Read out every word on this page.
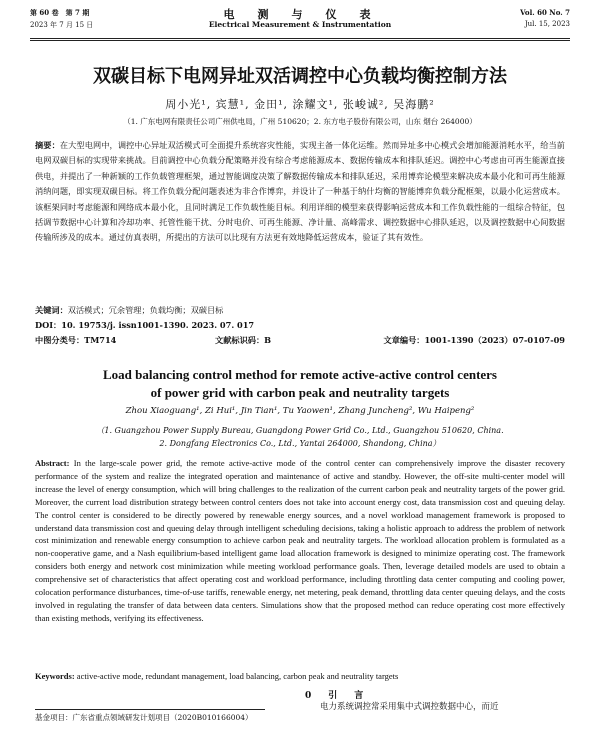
第 60 卷　第 7 期
2023 年 7 月 15 日
电　测　与　仪　表
Electrical Measurement & Instrumentation
Vol. 60 No. 7
Jul. 15, 2023
双碳目标下电网异址双活调控中心负载均衡控制方法
周小光¹, 宾慧¹, 金田¹, 涂耀文¹, 张峻诚², 吴海鹏²
（1. 广东电网有限责任公司广州供电局，广州 510620；2. 东方电子股份有限公司，山东 烟台 264000）
摘要：在大型电网中，调控中心异址双活模式可全面提升系统容灾性能，实现主备一体化运维。然而异址多中心模式会增加能源消耗水平，给当前电网双碳目标的实现带来挑战。目前调控中心负载分配策略并没有综合考虑能源成本、数据传输成本和排队延迟。调控中心考虑由可再生能源直接供电，并提出了一种新颖的工作负载管理框架，通过智能调度决策了解数据传输成本和排队延迟，采用博弈论模型来解决成本最小化和可再生能源消纳问题，即实现双碳目标。将工作负载分配问题表述为非合作博弈，并设计了一种基于纳什均衡的智能博弈负载分配框架，以最小化运营成本。该框架同时考虑能源和网络成本最小化，且同时满足工作负载性能目标。利用详细的模型来获得影响运营成本和工作负载性能的一组综合特征，包括调节数据中心计算和冷却功率、托管性能干扰、分时电价、可再生能源、净计量、高峰需求、调控数据中心排队延迟，以及调控数据中心间数据传输所涉及的成本。通过仿真表明，所提出的方法可以比现有方法更有效地降低运营成本，验证了其有效性。
关键词：双活模式；冗余管理；负载均衡；双碳目标
DOI：10. 19753/j. issn1001-1390. 2023. 07. 017
中图分类号：TM714	文献标识码：B	文章编号：1001-1390（2023）07-0107-09
Load balancing control method for remote active-active control centers
of power grid with carbon peak and neutrality targets
Zhou Xiaoguang¹, Zi Hui¹, Jin Tian¹, Tu Yaowen¹, Zhang Juncheng², Wu Haipeng²
（1. Guangzhou Power Supply Bureau, Guangdong Power Grid Co., Ltd., Guangzhou 510620, China.
2. Dongfang Electronics Co., Ltd., Yantai 264000, Shandong, China）
Abstract: In the large-scale power grid, the remote active-active mode of the control center can comprehensively improve the disaster recovery performance of the system and realize the integrated operation and maintenance of active and standby. However, the off-site multi-center model will increase the level of energy consumption, which will bring challenges to the realization of the current carbon peak and neutrality targets of the power grid. Moreover, the current load distribution strategy between control centers does not take into account energy cost, data transmission cost and queuing delay. The control center is considered to be directly powered by renewable energy sources, and a novel workload management framework is proposed to understand data transmission cost and queuing delay through intelligent scheduling decisions, taking a holistic approach to address the problem of network cost minimization and renewable energy consumption to achieve carbon peak and neutrality targets. The workload allocation problem is formulated as a non-cooperative game, and a Nash equilibrium-based intelligent game load allocation framework is designed to minimize operating cost. The framework considers both energy and network cost minimization while meeting workload performance goals. Then, leverage detailed models are used to obtain a comprehensive set of characteristics that affect operating cost and workload performance, including throttling data center computing and cooling power, colocation performance disturbances, time-of-use tariffs, renewable energy, net metering, peak demand, throttling data center queuing delays, and the costs involved in regulating the transfer of data between data centers. Simulations show that the proposed method can reduce operating cost more effectively than existing methods, verifying its effectiveness.
Keywords: active-active mode, redundant management, load balancing, carbon peak and neutrality targets
0　引　言
电力系统调控常采用集中式调控数据中心，而近
基金项目：广东省重点领域研发计划项目（2020B010166004）
